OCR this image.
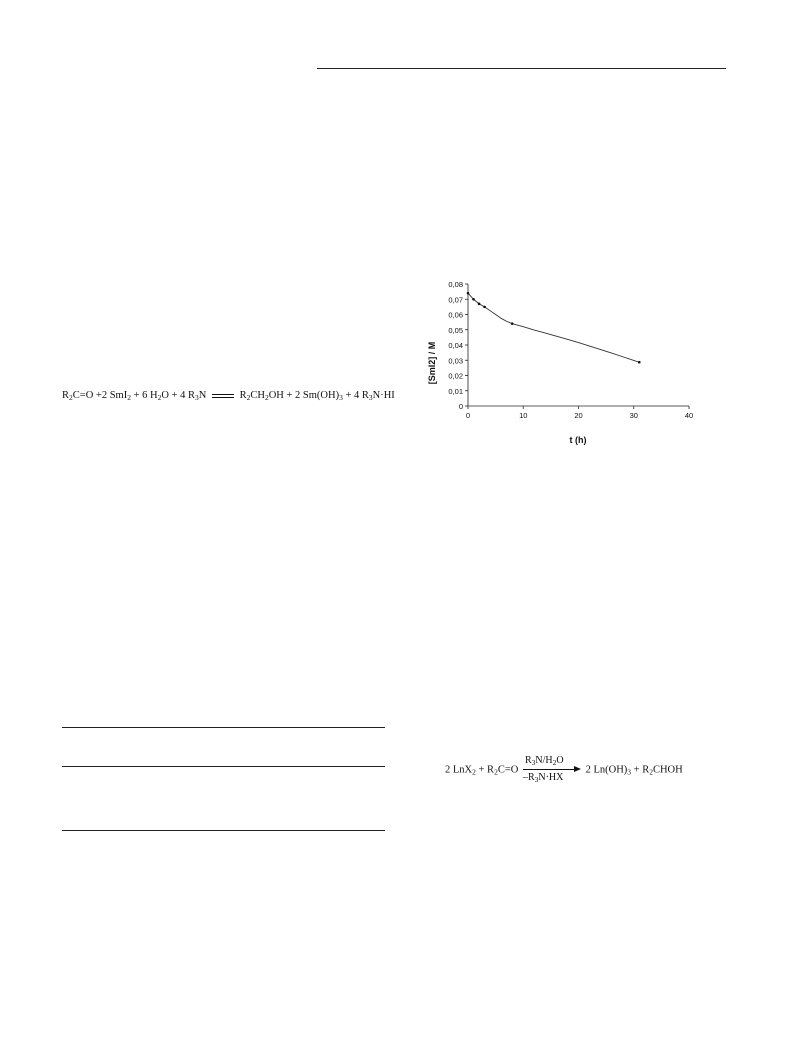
$R_2C=O +2$ SmI$_2$ + 6 $H_2O + 4$ $R_3N$	$R_2CH_2OH + 2$ $Sm(OH)_3 + 4$ $R_3N\cdot HI$
0
0,01
0,02
0,03
0,04
0,05
0,06
0,07
0,08
0	10	20	30	40
[SmI2] / M
t (h)
2 $LnX_2 + R_2C=O \frac{R_3N/H_2O}{-R_3N\cdot HX} 2$ $Ln(OH)_3$ + $R_2CHOH$
